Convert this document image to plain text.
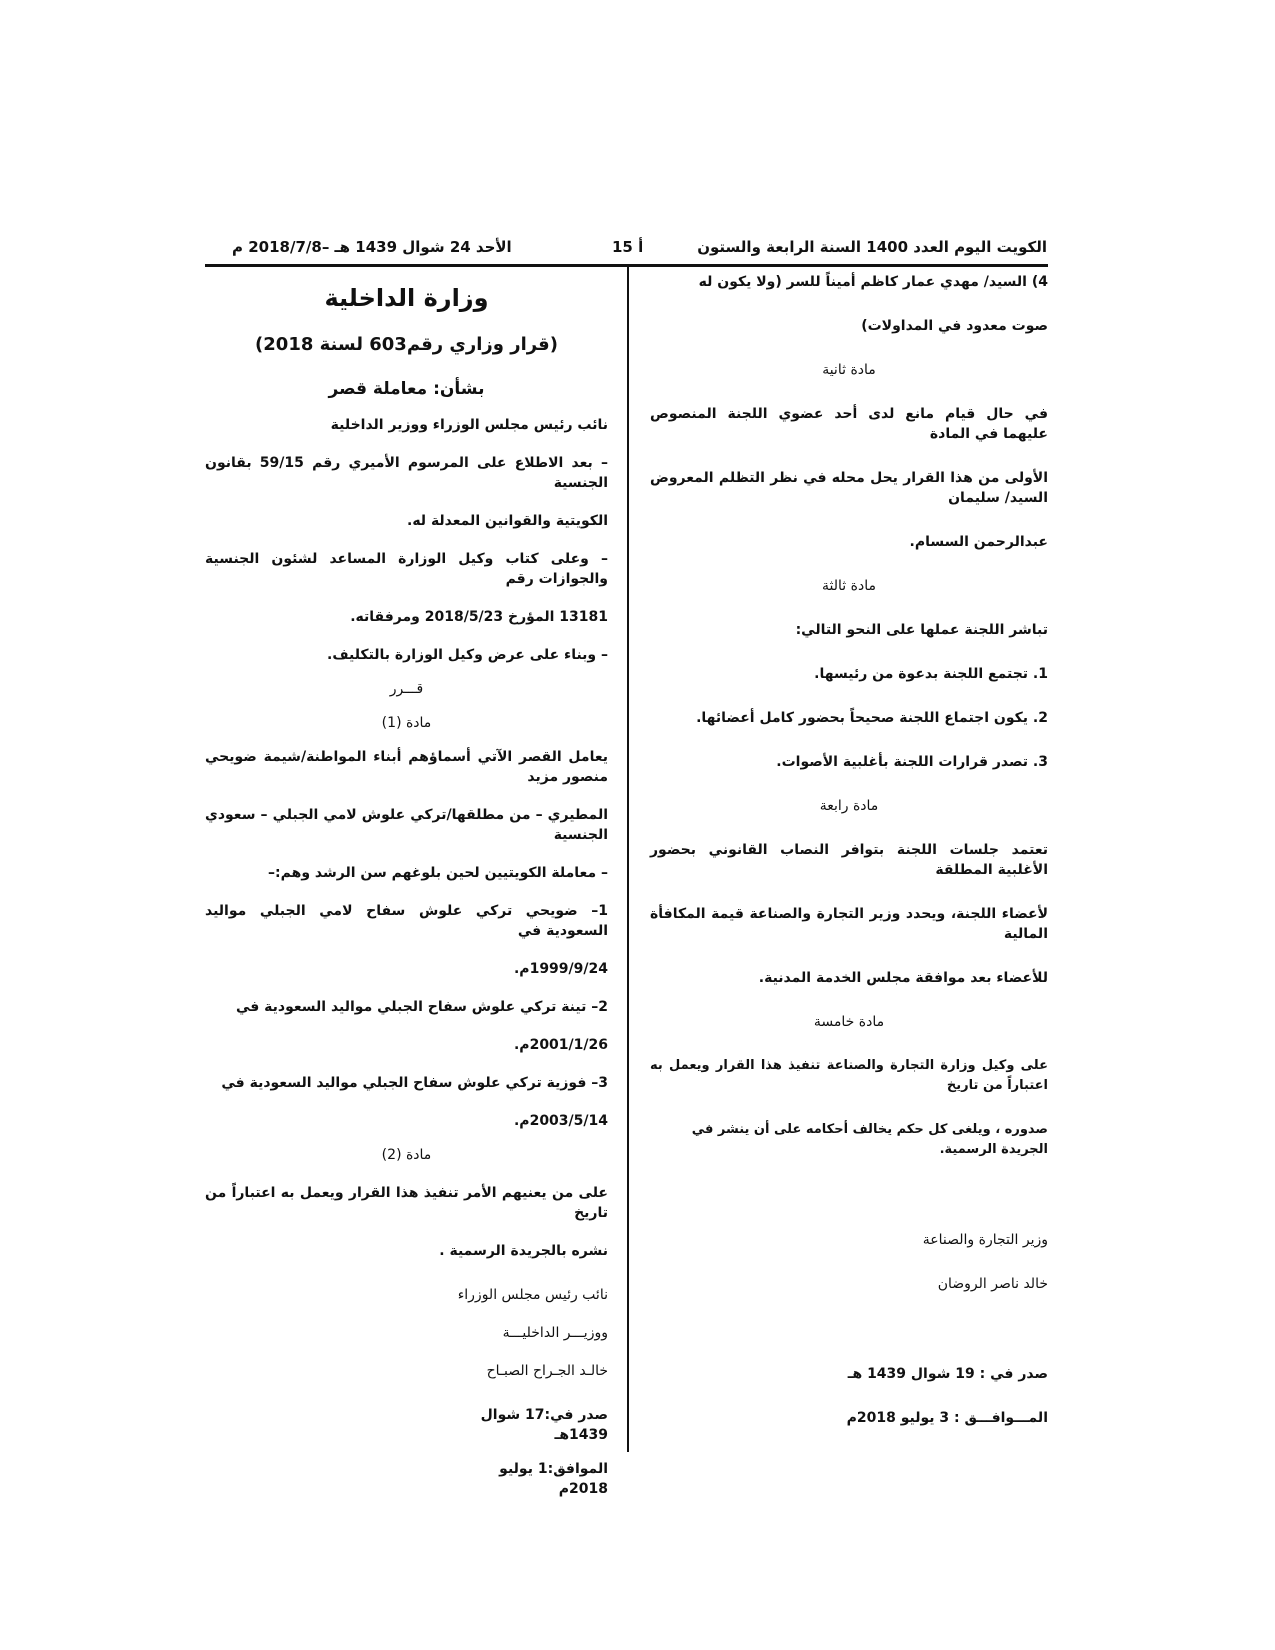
الكويت اليوم العدد 1400 السنة الرابعة والستون
أ 15
الأحد 24 شوال 1439 هـ –2018/7/8 م
وزارة الداخلية
(قرار وزاري رقم603 لسنة 2018)
بشأن: معاملة قصر

نائب رئيس مجلس الوزراء ووزير الداخلية

– بعد الاطلاع على المرسوم الأميري رقم 59/15 بقانون الجنسية

الكويتية والقوانين المعدلة له.

– وعلى كتاب وكيل الوزارة المساعد لشئون الجنسية والجوازات رقم

13181 المؤرخ 2018/5/23 ومرفقاته.

– وبناء على عرض وكيل الوزارة بالتكليف.

قـــرر

مادة (1)

يعامل القصر الآتي أسماؤهم أبناء المواطنة/شيمة ضويحي منصور مزيد

المطيري – من مطلقها/تركي علوش لامي الجبلي – سعودي الجنسية

– معاملة الكويتيين لحين بلوغهم سن الرشد وهم:–

1– ضويحي تركي علوش سفاح لامي الجبلي مواليد السعودية في

1999/9/24م.

2– تينة تركي علوش سفاح الجبلي مواليد السعودية في

2001/1/26م.

3– فوزية تركي علوش سفاح الجبلي مواليد السعودية في

2003/5/14م.

مادة (2)

على من يعنيهم الأمر تنفيذ هذا القرار ويعمل به اعتباراً من تاريخ

نشره بالجريدة الرسمية .

نائب رئيس مجلس الوزراء

ووزيـــر الداخليـــة

خالـد الجـراح الصبـاح

صدر في:17 شوال 1439هـ

الموافق:1 يوليو 2018م

4) السيد/ مهدي عمار كاظم أميناً للسر (ولا يكون له

صوت معدود في المداولات)

مادة ثانية

في حال قيام مانع لدى أحد عضوي اللجنة المنصوص عليهما في المادة

الأولى من هذا القرار يحل محله في نظر التظلم المعروض السيد/ سليمان

عبدالرحمن السسام.

مادة ثالثة

تباشر اللجنة عملها على النحو التالي:

1. تجتمع اللجنة بدعوة من رئيسها.

2. يكون اجتماع اللجنة صحيحاً بحضور كامل أعضائها.

3. تصدر قرارات اللجنة بأغلبية الأصوات.

مادة رابعة

تعتمد جلسات اللجنة بتوافر النصاب القانوني بحضور الأغلبية المطلقة

لأعضاء اللجنة، ويحدد وزير التجارة والصناعة قيمة المكافأة المالية

للأعضاء بعد موافقة مجلس الخدمة المدنية.

مادة خامسة

على وكيل وزارة التجارة والصناعة تنفيذ هذا القرار ويعمل به اعتباراً من تاريخ

صدوره ، ويلغى كل حكم يخالف أحكامه على أن ينشر في الجريدة الرسمية.

وزير التجارة والصناعة

خالد ناصر الروضان

صدر في : 19 شوال 1439 هـ

المـــوافـــق : 3 يوليو 2018م
